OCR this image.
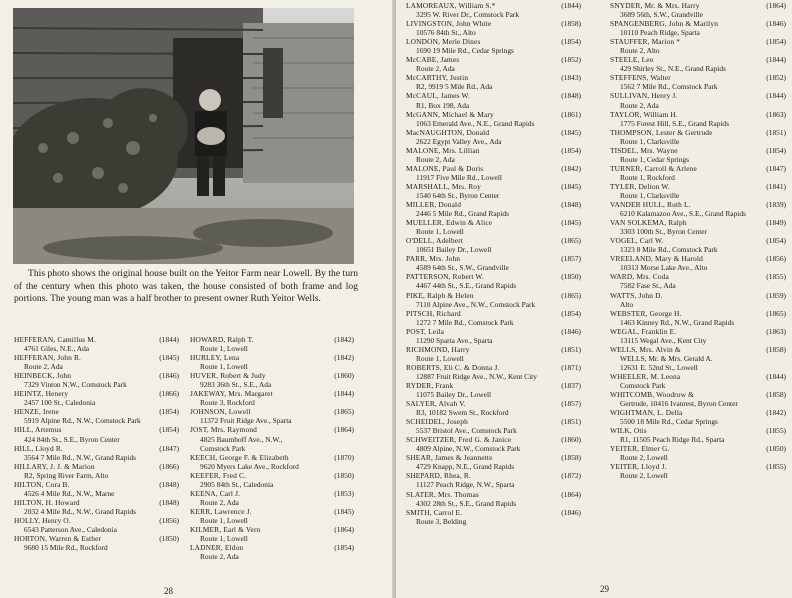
This photo shows the original house built on the Yeitor Farm near Lowell. By the turn of the century when this photo was taken, the house consisted of both frame and log portions. The young man was a half brother to present owner Ruth Yeitor Wells.

HEFFERAN, Camillus M.	(1844)
4761 Giles, N.E., Ada
HEFFERAN, John R.	(1845)
Route 2, Ada
HEINBECK, John	(1846)
7329 Vinton N.W., Comstock Park
HEINTZ, Henery	(1866)
2457 100 St., Caledonia
HENZE, Irene	(1854)
5919 Alpine Rd., N.W., Comstock Park
HILL, Artemus	(1854)
424 84th St., S.E., Byron Center
HILL, Lloyd R.	(1847)
3564 7 Mile Rd., N.W., Grand Rapids
HILLARY, J. J. & Marion	(1866)
R2, Spring River Farm, Alto
HILTON, Cora B.	(1848)
4526 4 Mile Rd., N.W., Marne
HILTON, H. Howard	(1848)
2032 4 Mile Rd., N.W., Grand Rapids
HOLLY, Henry O.	(1856)
6543 Patterson Ave., Caledonia
HORTON, Warren & Esther	(1850)
9680 15 Mile Rd., Rockford
HOWARD, Ralph T.	(1842)
Route 1, Lowell
HURLEY, Lena	(1842)
Route 1, Lowell
HUVER, Robert & Judy	(1860)
9283 36th St., S.E., Ada
JAKEWAY, Mrs. Margaret	(1844)
Route 3, Rockford
JOHNSON, Lowell	(1865)
11372 Fruit Ridge Ave., Sparta
JOST, Mrs. Raymond	(1864)
4825 Baumhoff Ave., N.W.,
Comstock Park
KEECH, George F. & Elizabeth	(1870)
9620 Myers Lake Ave., Rockford
KEEFER, Fred C.	(1850)
2905 84th St., Caledonia
KEENA, Carl J.	(1853)
Route 2, Ada
KERR, Lawrence J.	(1845)
Route 1, Lowell
KILMER, Earl & Vern	(1864)
Route 1, Lowell
LADNER, Eldon	(1854)
Route 2, Ada
28
LAMOREAUX, William S.*	(1844)
3295 W. River Dr., Comstock Park
LIVINGSTON, John White	(1858)
10576 84th St., Alto
LONDON, Merle Dines	(1854)
1690 19 Mile Rd., Cedar Springs
McCABE, James	(1852)
Route 2, Ada
McCARTHY, Justin	(1843)
R2, 9919 5 Mile Rd., Ada
McCAUL, James W.	(1848)
R1, Box 198, Ada
McGANN, Michael & Mary	(1861)
1063 Emerald Ave., N.E., Grand Rapids
MacNAUGHTON, Donald	(1845)
2622 Egypt Valley Ave., Ada
MALONE, Mrs. Lillian	(1854)
Route 2, Ada
MALONE, Paul & Doris	(1842)
11917 Five Mile Rd., Lowell
MARSHALL, Mrs. Roy	(1845)
1540 64th St., Byron Center
MILLER, Donald	(1848)
2446 5 Mile Rd., Grand Rapids
MUELLER, Edwin & Alice	(1845)
Route 1, Lowell
O'DELL, Adelbert	(1865)
10651 Bailey Dr., Lowell
PARR, Mrs. John	(1857)
4589 64th St., S.W., Grandville
PATTERSON, Robert W.	(1850)
4467 44th St., S.E., Grand Rapids
PIKE, Ralph & Helen	(1865)
7110 Alpine Ave., N.W., Comstock Park
PITSCH, Richard	(1854)
1272 7 Mile Rd., Comstock Park
POST, Leila	(1846)
11290 Sparta Ave., Sparta
RICHMOND, Harry	(1851)
Route 1, Lowell
ROBERTS, Eli C. & Donna J.	(1871)
12887 Fruit Ridge Ave., N.W., Kent City
RYDER, Frank	(1837)
11075 Bailey Dr., Lowell
SALYER, Alvah V.	(1857)
R3, 10182 Swem St., Rockford
SCHEIDEL, Joseph	(1851)
5537 Bristol Ave., Comstock Park
SCHWEITZER, Fred G. & Janice	(1860)
4809 Alpine, N.W., Comstock Park
SHEAR, James & Jeannette	(1858)
4729 Knapp, N.E., Grand Rapids
SHEPARD, Rhea, R.	(1872)
11127 Peach Ridge, N.W., Sparta
SLATER, Mrs. Thomas	(1864)
4302 28th St., S.E., Grand Rapids
SMITH, Carrol E.	(1846)
Route 3, Belding
SNYDER, Mr. & Mrs. Harry	(1864)
3689 56th, S.W., Grandville
SPANGENBERG, John & Marilyn	(1846)
10110 Peach Ridge, Sparta
STAUFFER, Marion *	(1854)
Route 2, Alto
STEELE, Leo	(1844)
429 Shirley St., N.E., Grand Rapids
STEFFENS, Walter	(1852)
1562 7 Mile Rd., Comstock Park
SULLIVAN, Henry J.	(1844)
Route 2, Ada
TAYLOR, William H.	(1863)
1775 Forest Hill, S.E., Grand Rapids
THOMPSON, Lester & Gertrude	(1851)
Route 1, Clarksville
TISDEL, Mrs. Wayne	(1854)
Route 1, Cedar Springs
TURNER, Carroll & Arlene	(1847)
Route 1, Rockford
TYLER, Delton W.	(1841)
Route 1, Clarksville
VANDER HULL, Ruth L.	(1839)
6210 Kalamazoo Ave., S.E., Grand Rapids
VAN SOLKEMA, Ralph	(1849)
3303 100th St., Byron Center
VOGEL, Carl W.	(1854)
1323 8 Mile Rd., Comstock Park
VREELAND, Mary & Harold	(1856)
10313 Morse Lake Ave., Alto
WARD, Mrs. Coda	(1855)
7582 Fase St., Ada
WATTS, John D.	(1859)
Alto
WEBSTER, George H.	(1865)
1463 Kinney Rd., N.W., Grand Rapids
WEGAL, Franklin E.	(1863)
13115 Wegal Ave., Kent City
WELLS, Mrs. Alvin &	(1858)
WELLS, Mr. & Mrs. Gerald A.
12631 E. 52nd St., Lowell
WHEELER, M. Leona	(1844)
Comstock Park
WHITCOMB, Woodrow &	(1858)
Gertrude, 10416 Ivanrest, Byron Center
WIGHTMAN, L. Della	(1842)
5500 18 Mile Rd., Cedar Springs
WILK, Otis	(1855)
R1, 11505 Peach Ridge Rd., Sparta
YEITER, Elmer G.	(1850)
Route 2, Lowell
YEITER, Lloyd J.	(1855)
Route 2, Lowell
29
